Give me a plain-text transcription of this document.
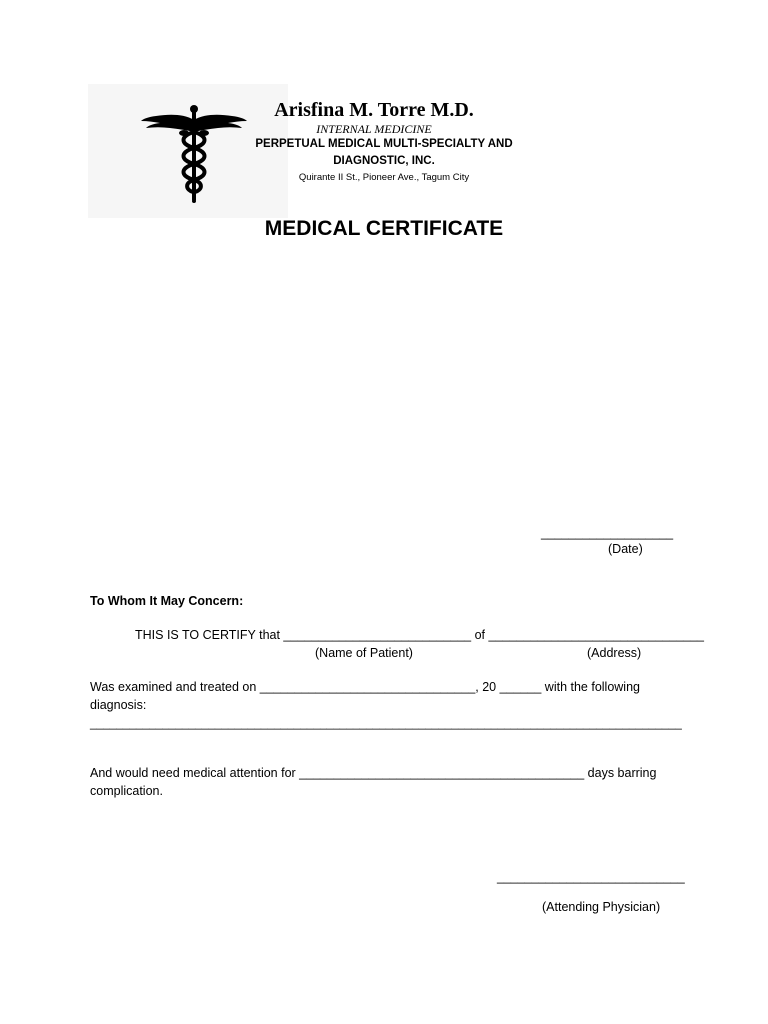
Arisfina M. Torre M.D.
INTERNAL MEDICINE
PERPETUAL MEDICAL MULTI-SPECIALTY AND DIAGNOSTIC, INC.
Quirante II St., Pioneer Ave., Tagum City
MEDICAL CERTIFICATE
___________________
(Date)
To Whom It May Concern:
THIS IS TO CERTIFY that ___________________________ of _______________________________
(Name of Patient)	(Address)
Was examined and treated on _______________________________, 20 ______ with the following
diagnosis:
__________________________________________________________________________________________
And would need medical attention for _________________________________________ days barring
complication.
___________________________
(Attending Physician)
